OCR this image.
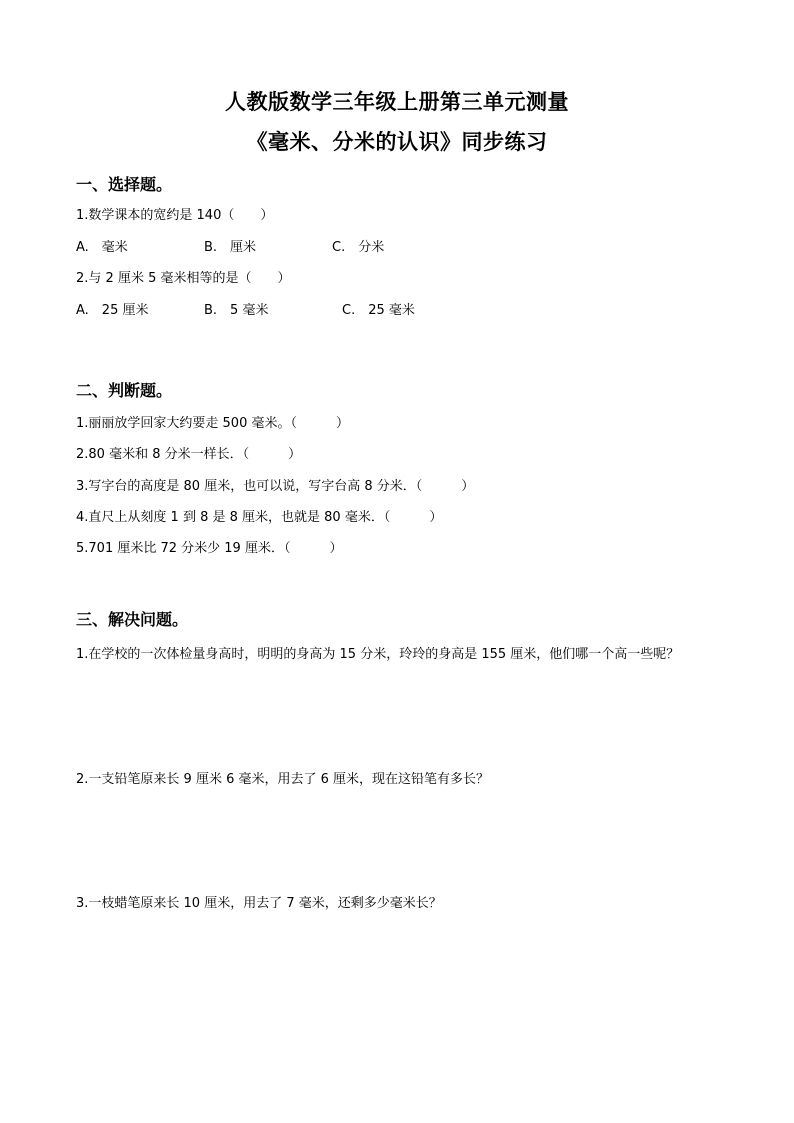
人教版数学三年级上册第三单元测量
《毫米、分米的认识》同步练习
一、选择题。
1.数学课本的宽约是 140（　　）
A.　毫米	B.　厘米	C.　分米
2.与 2 厘米 5 毫米相等的是（　　）
A.　25 厘米	B.　5 毫米	C.　25 毫米
二、判断题。
1.丽丽放学回家大约要走 500 毫米。（　　　）
2.80 毫米和 8 分米一样长．（　　　）
3.写字台的高度是 80 厘米，也可以说，写字台高 8 分米．（　　　）
4.直尺上从刻度 1 到 8 是 8 厘米，也就是 80 毫米．（　　　）
5.701 厘米比 72 分米少 19 厘米．（　　　）
三、解决问题。
1.在学校的一次体检量身高时，明明的身高为 15 分米，玲玲的身高是 155 厘米，他们哪一个高一些呢？
2.一支铅笔原来长 9 厘米 6 毫米，用去了 6 厘米，现在这铅笔有多长？
3.一枝蜡笔原来长 10 厘米，用去了 7 毫米，还剩多少毫米长？
